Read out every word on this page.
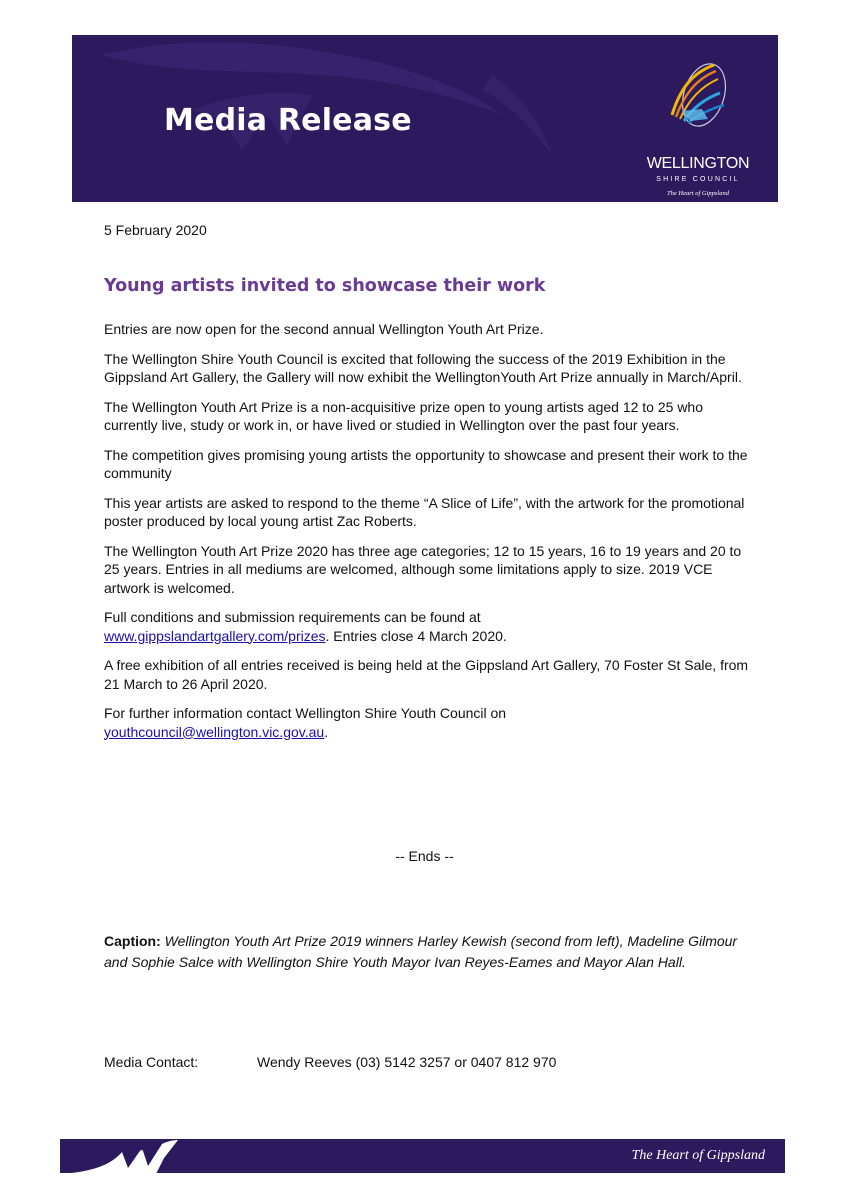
Media Release
WELLINGTON
SHIRE COUNCIL
The Heart of Gippsland
5 February 2020
Young artists invited to showcase their work

Entries are now open for the second annual Wellington Youth Art Prize.

The Wellington Shire Youth Council is excited that following the success of the 2019 Exhibition in the Gippsland Art Gallery, the Gallery will now exhibit the WellingtonYouth Art Prize annually in March/April.

The Wellington Youth Art Prize is a non-acquisitive prize open to young artists aged 12 to 25 who currently live, study or work in, or have lived or studied in Wellington over the past four years.

The competition gives promising young artists the opportunity to showcase and present their work to the community

This year artists are asked to respond to the theme “A Slice of Life”, with the artwork for the promotional poster produced by local young artist Zac Roberts.

The Wellington Youth Art Prize 2020 has three age categories; 12 to 15 years, 16 to 19 years and 20 to 25 years. Entries in all mediums are welcomed, although some limitations apply to size. 2019 VCE artwork is welcomed.

Full conditions and submission requirements can be found at
www.gippslandartgallery.com/prizes. Entries close 4 March 2020.

A free exhibition of all entries received is being held at the Gippsland Art Gallery, 70 Foster St Sale, from 21 March to 26 April 2020.

For further information contact Wellington Shire Youth Council on
youthcouncil@wellington.vic.gov.au.

-- Ends --
Caption: Wellington Youth Art Prize 2019 winners Harley Kewish (second from left), Madeline Gilmour and Sophie Salce with Wellington Shire Youth Mayor Ivan Reyes-Eames and Mayor Alan Hall.
Media Contact:	Wendy Reeves (03) 5142 3257 or 0407 812 970
The Heart of Gippsland
